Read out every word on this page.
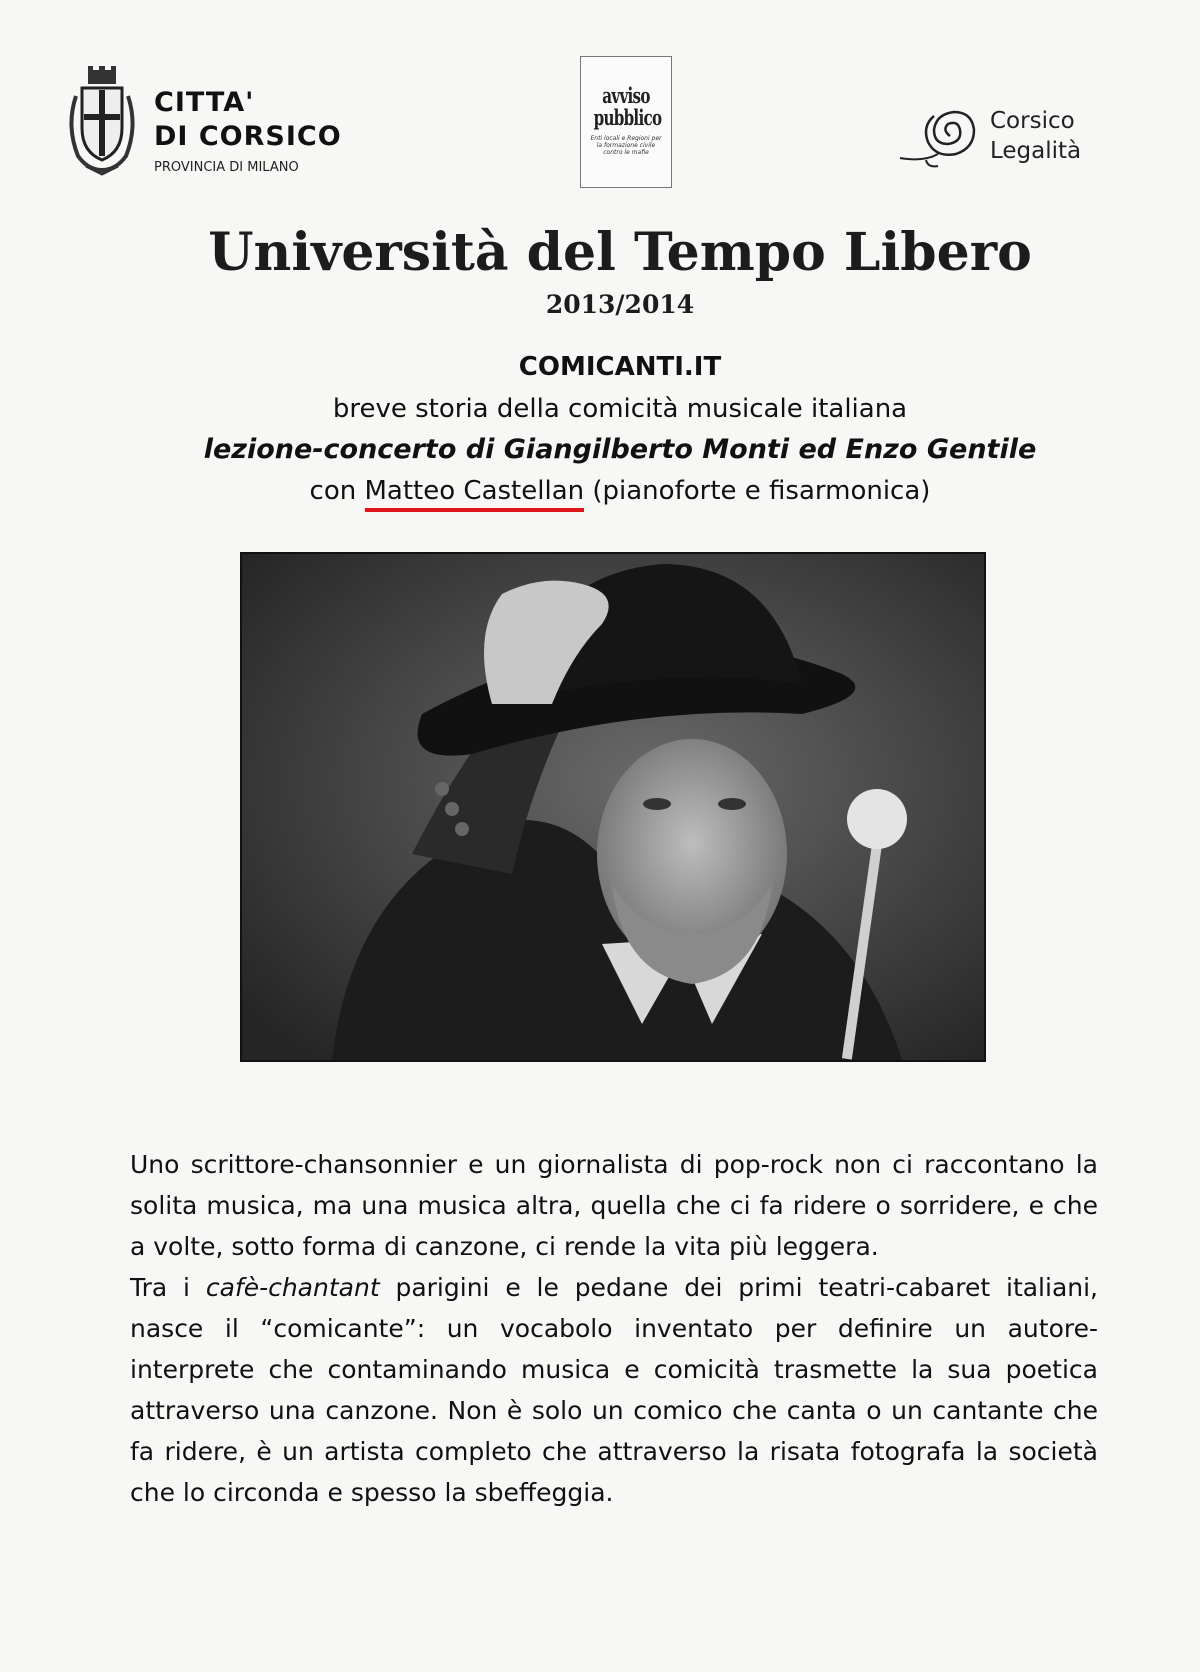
CITTA'
DI CORSICO
PROVINCIA DI MILANO
avviso
pubblico
Enti locali e Regioni per la formazione civile contro le mafie
Corsico
Legalità
Università del Tempo Libero
2013/2014
COMICANTI.IT
breve storia della comicità musicale italiana
lezione-concerto di Giangilberto Monti ed Enzo Gentile
con Matteo Castellan (pianoforte e fisarmonica)

Uno scrittore-chansonnier e un giornalista di pop-rock non ci raccontano la solita musica, ma una musica altra, quella che ci fa ridere o sorridere, e che a volte, sotto forma di canzone, ci rende la vita più leggera.

Tra i cafè-chantant parigini e le pedane dei primi teatri-cabaret italiani, nasce il “comicante”: un vocabolo inventato per definire un autore-interprete che contaminando musica e comicità trasmette la sua poetica attraverso una canzone. Non è solo un comico che canta o un cantante che fa ridere, è un artista completo che attraverso la risata fotografa la società che lo circonda e spesso la sbeffeggia.
